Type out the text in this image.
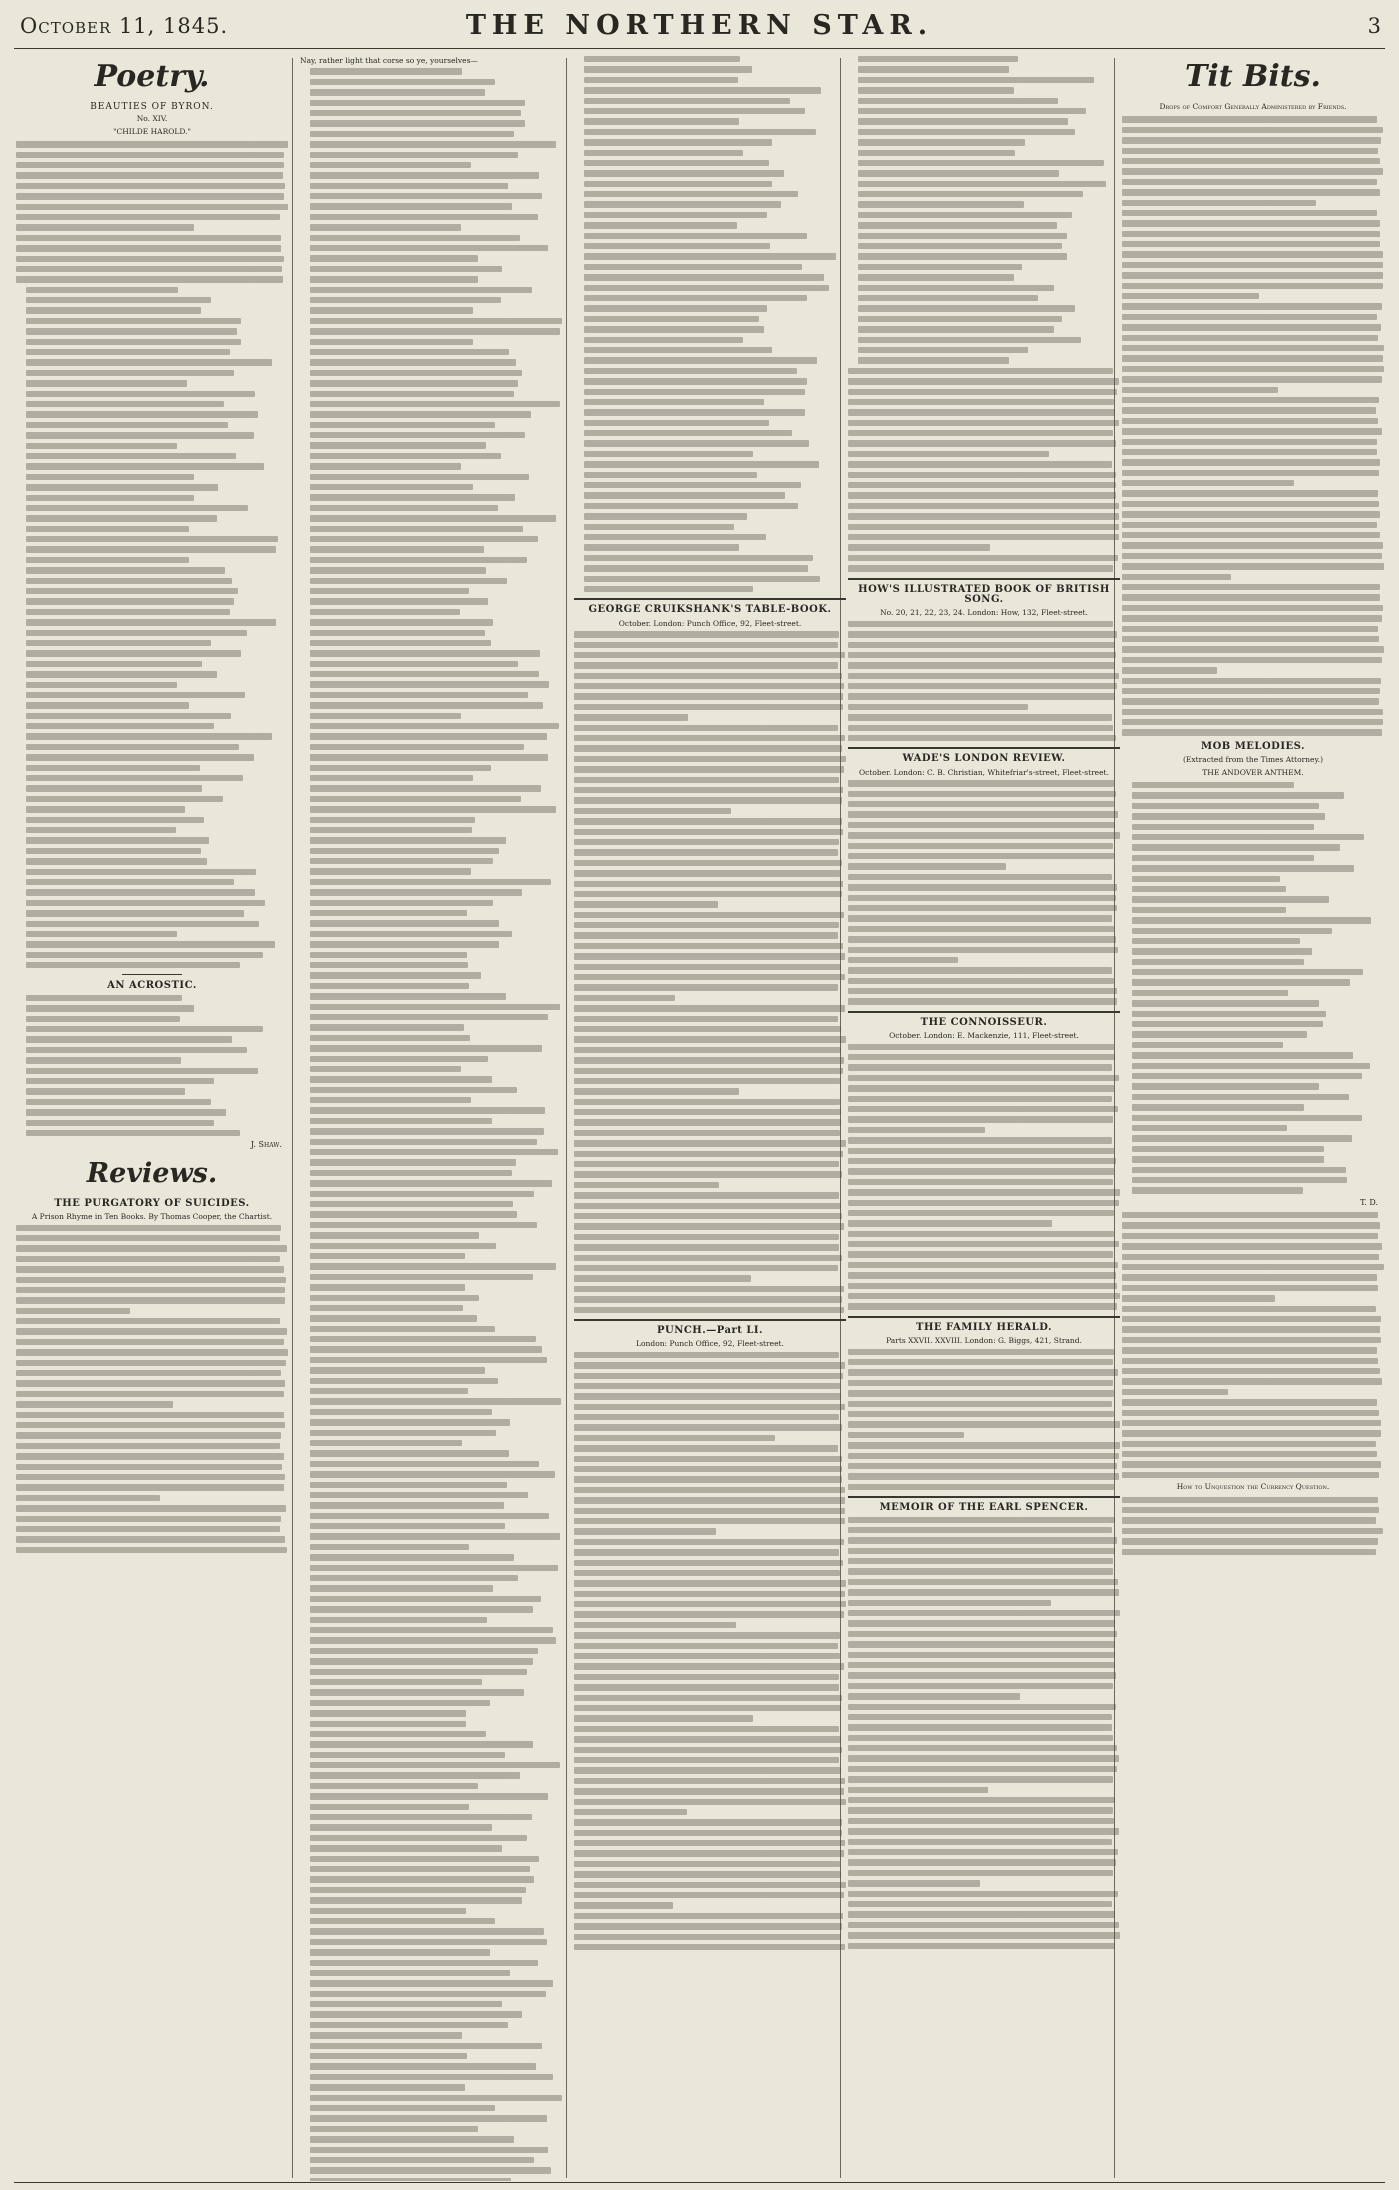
October 11, 1845.	THE NORTHERN STAR.	3
Poetry.
BEAUTIES OF BYRON.
No. XIV.
"CHILDE HAROLD."
AN ACROSTIC.
J. Shaw.
Reviews.
THE PURGATORY OF SUICIDES.
A Prison Rhyme in Ten Books. By Thomas Cooper, the Chartist.
Nay, rather light that corse so ye, yourselves—
GEORGE CRUIKSHANK'S TABLE-BOOK.
October. London: Punch Office, 92, Fleet-street.
PUNCH.—Part LI.
London: Punch Office, 92, Fleet-street.
HOW'S ILLUSTRATED BOOK OF BRITISH SONG.
No. 20, 21, 22, 23, 24. London: How, 132, Fleet-street.
WADE'S LONDON REVIEW.
October. London: C. B. Christian, Whitefriar's-street, Fleet-street.
THE CONNOISSEUR.
October. London: E. Mackenzie, 111, Fleet-street.
THE FAMILY HERALD.
Parts XXVII. XXVIII. London: G. Biggs, 421, Strand.
MEMOIR OF THE EARL SPENCER.
Tit Bits.
Drops of Comfort Generally Administered by Friends.
MOB MELODIES.
(Extracted from the Times Attorney.)
THE ANDOVER ANTHEM.
T. D.
How to Unquestion the Currency Question.
